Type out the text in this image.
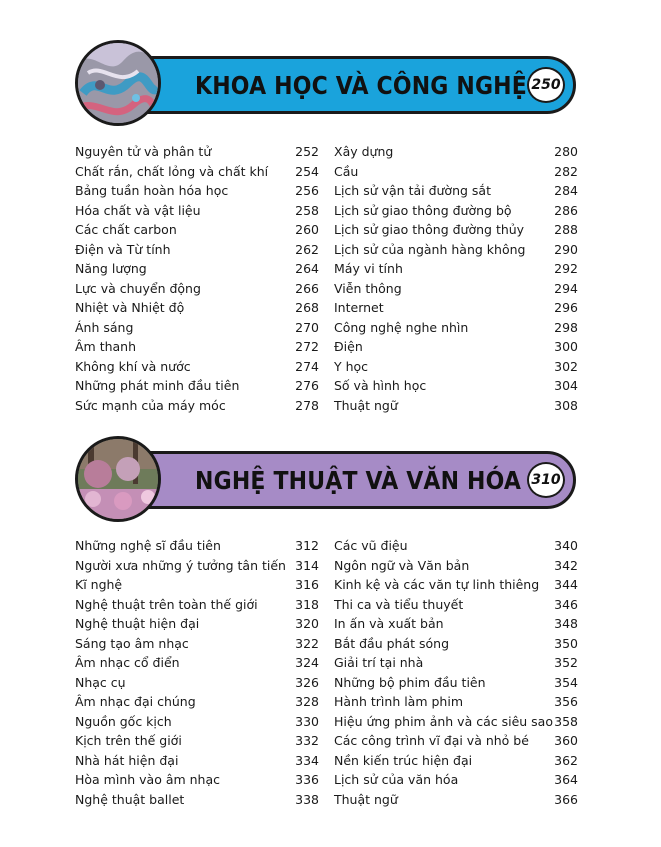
KHOA HỌC VÀ CÔNG NGHỆ 250
Nguyên tử và phân tử	252
Chất rắn, chất lỏng và chất khí 254
Bảng tuần hoàn hóa học	256
Hóa chất và vật liệu	258
Các chất carbon	260
Điện và Từ tính	262
Năng lượng	264
Lực và chuyển động	266
Nhiệt và Nhiệt độ	268
Ánh sáng	270
Âm thanh	272
Không khí và nước	274
Những phát minh đầu tiên	276
Sức mạnh của máy móc	278
Xây dựng	280
Cầu	282
Lịch sử vận tải đường sắt	284
Lịch sử giao thông đường bộ	286
Lịch sử giao thông đường thủy 288
Lịch sử của ngành hàng không 290
Máy vi tính	292
Viễn thông	294
Internet	296
Công nghệ nghe nhìn	298
Điện	300
Y học	302
Số và hình học	304
Thuật ngữ	308
NGHỆ THUẬT VÀ VĂN HÓA 310
Những nghệ sĩ đầu tiên	312
Người xưa những ý tưởng tân tiến 314
Kĩ nghệ	316
Nghệ thuật trên toàn thế giới	318
Nghệ thuật hiện đại	320
Sáng tạo âm nhạc	322
Âm nhạc cổ điển	324
Nhạc cụ	326
Âm nhạc đại chúng	328
Nguồn gốc kịch	330
Kịch trên thế giới	332
Nhà hát hiện đại	334
Hòa mình vào âm nhạc	336
Nghệ thuật ballet	338
Các vũ điệu	340
Ngôn ngữ và Văn bản	342
Kinh kệ và các văn tự linh thiêng 344
Thi ca và tiểu thuyết	346
In ấn và xuất bản	348
Bắt đầu phát sóng	350
Giải trí tại nhà	352
Những bộ phim đầu tiên	354
Hành trình làm phim	356
Hiệu ứng phim ảnh và các siêu sao 358
Các công trình vĩ đại và nhỏ bé 360
Nền kiến trúc hiện đại	362
Lịch sử của văn hóa	364
Thuật ngữ	366
